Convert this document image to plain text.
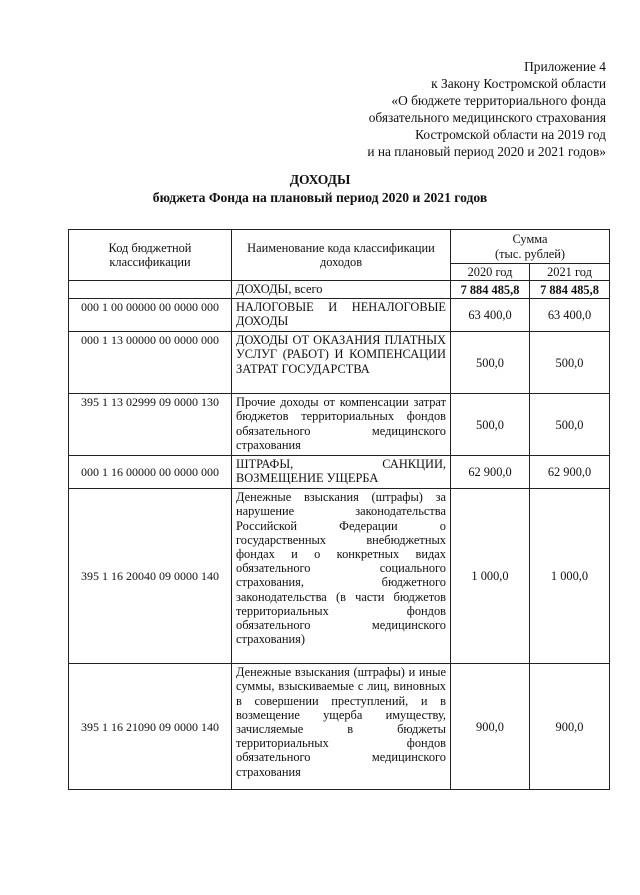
Приложение 4
к Закону Костромской области
«О бюджете территориального фонда
обязательного медицинского страхования
Костромской области на 2019 год
и на плановый период 2020 и 2021 годов»
ДОХОДЫ
бюджета Фонда на плановый период 2020 и 2021 годов
Код бюджетной классификации	Наименование кода классификации доходов	Сумма
(тыс. рублей)	
		2020 год	2021 год
	ДОХОДЫ, всего	7 884 485,8	7 884 485,8
000 1 00 00000 00 0000 000	НАЛОГОВЫЕ И НЕНАЛОГОВЫЕ ДОХОДЫ	63 400,0	63 400,0
000 1 13 00000 00 0000 000	ДОХОДЫ ОТ ОКАЗАНИЯ ПЛАТНЫХ УСЛУГ (РАБОТ) И КОМПЕНСАЦИИ ЗАТРАТ ГОСУДАРСТВА	500,0	500,0
395 1 13 02999 09 0000 130	Прочие доходы от компенсации затрат бюджетов территориальных фондов обязательного медицинского страхования	500,0	500,0
000 1 16 00000 00 0000 000	ШТРАФЫ, САНКЦИИ, ВОЗМЕЩЕНИЕ УЩЕРБА	62 900,0	62 900,0
395 1 16 20040 09 0000 140	Денежные взыскания (штрафы) за нарушение законодательства Российской Федерации о государственных внебюджетных фондах и о конкретных видах обязательного социального страхования, бюджетного законодательства (в части бюджетов территориальных фондов обязательного медицинского страхования)	1 000,0	1 000,0
395 1 16 21090 09 0000 140	Денежные взыскания (штрафы) и иные суммы, взыскиваемые с лиц, виновных в совершении преступлений, и в возмещение ущерба имуществу, зачисляемые в бюджеты территориальных фондов обязательного медицинского страхования	900,0	900,0
